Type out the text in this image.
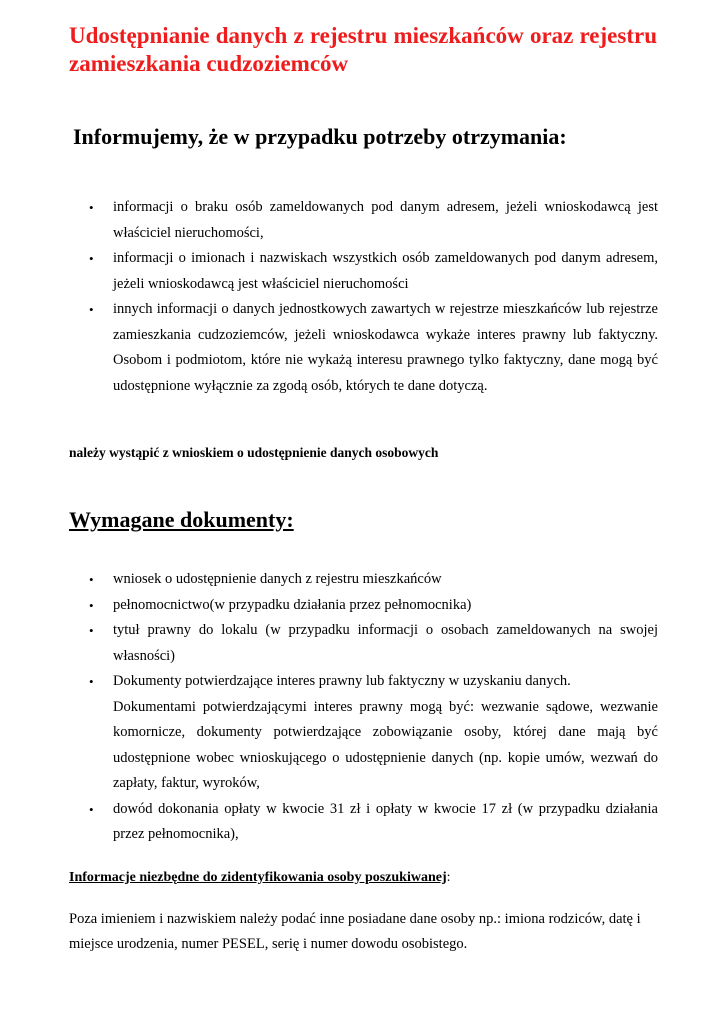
Udostępnianie danych z rejestru mieszkańców oraz rejestru zamieszkania cudzoziemców
Informujemy, że w przypadku potrzeby otrzymania:
• informacji o braku osób zameldowanych pod danym adresem, jeżeli wnioskodawcą jest właściciel nieruchomości,
• informacji o imionach i nazwiskach wszystkich osób zameldowanych pod danym adresem, jeżeli wnioskodawcą jest właściciel nieruchomości
• innych informacji o danych jednostkowych zawartych w rejestrze mieszkańców lub rejestrze zamieszkania cudzoziemców, jeżeli wnioskodawca wykaże interes prawny lub faktyczny. Osobom i podmiotom, które nie wykażą interesu prawnego tylko faktyczny, dane mogą być udostępnione wyłącznie za zgodą osób, których te dane dotyczą.
należy wystąpić z wnioskiem o udostępnienie danych osobowych
Wymagane dokumenty:
• wniosek o udostępnienie danych z rejestru mieszkańców
• pełnomocnictwo(w przypadku działania przez pełnomocnika)
• tytuł prawny do lokalu (w przypadku informacji o osobach zameldowanych na swojej własności)
• Dokumenty potwierdzające interes prawny lub faktyczny w uzyskaniu danych.
Dokumentami potwierdzającymi interes prawny mogą być: wezwanie sądowe, wezwanie komornicze, dokumenty potwierdzające zobowiązanie osoby, której dane mają być udostępnione wobec wnioskującego o udostępnienie danych (np. kopie umów, wezwań do zapłaty, faktur, wyroków,
• dowód dokonania opłaty w kwocie 31 zł i opłaty w kwocie 17 zł (w przypadku działania przez pełnomocnika),
Informacje niezbędne do zidentyfikowania osoby poszukiwanej:
Poza imieniem i nazwiskiem należy podać inne posiadane dane osoby np.: imiona rodziców, datę i miejsce urodzenia, numer PESEL, serię i numer dowodu osobistego.
